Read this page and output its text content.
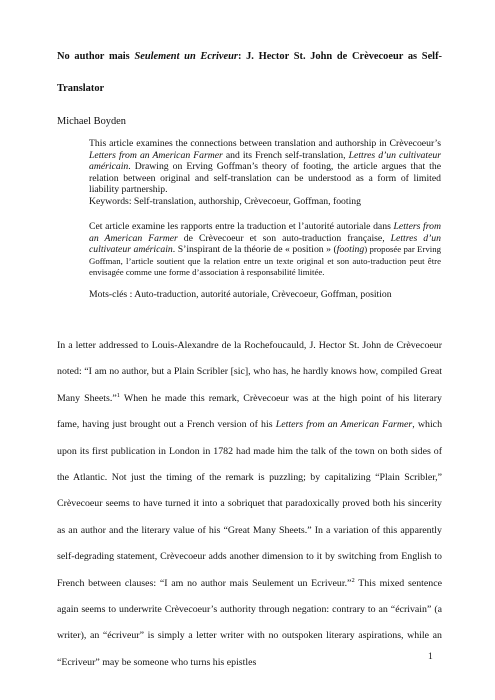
No author mais Seulement un Ecriveur: J. Hector St. John de Crèvecoeur as Self-
Translator
Michael Boyden
This article examines the connections between translation and authorship in Crèvecoeur’s Letters from an American Farmer and its French self-translation, Lettres d’un cultivateur américain. Drawing on Erving Goffman’s theory of footing, the article argues that the relation between original and self-translation can be understood as a form of limited liability partnership.
Keywords: Self-translation, authorship, Crèvecoeur, Goffman, footing
Cet article examine les rapports entre la traduction et l’autorité autoriale dans Letters from an American Farmer de Crèvecoeur et son auto-traduction française, Lettres d’un cultivateur américain. S’inspirant de la théorie de « position » (footing) proposée par Erving Goffman, l’article soutient que la relation entre un texte original et son auto-traduction peut être envisagée comme une forme d’association à responsabilité limitée.
Mots-clés : Auto-traduction, autorité autoriale, Crèvecoeur, Goffman, position

In a letter addressed to Louis-Alexandre de la Rochefoucauld, J. Hector St. John de Crèvecoeur noted: “I am no author, but a Plain Scribler [sic], who has, he hardly knows how, compiled Great Many Sheets.”$^1$ When he made this remark, Crèvecoeur was at the high point of his literary fame, having just brought out a French version of his Letters from an American Farmer, which upon its first publication in London in 1782 had made him the talk of the town on both sides of the Atlantic. Not just the timing of the remark is puzzling; by capitalizing “Plain Scribler,” Crèvecoeur seems to have turned it into a sobriquet that paradoxically proved both his sincerity as an author and the literary value of his “Great Many Sheets.” In a variation of this apparently self-degrading statement, Crèvecoeur adds another dimension to it by switching from English to French between clauses: “I am no author mais Seulement un Ecriveur.”$^2$ This mixed sentence again seems to underwrite Crèvecoeur’s authority through negation: contrary to an “écrivain” (a writer), an “écriveur” is simply a letter writer with no outspoken literary aspirations, while an “Ecriveur” may be someone who turns his epistles	1
